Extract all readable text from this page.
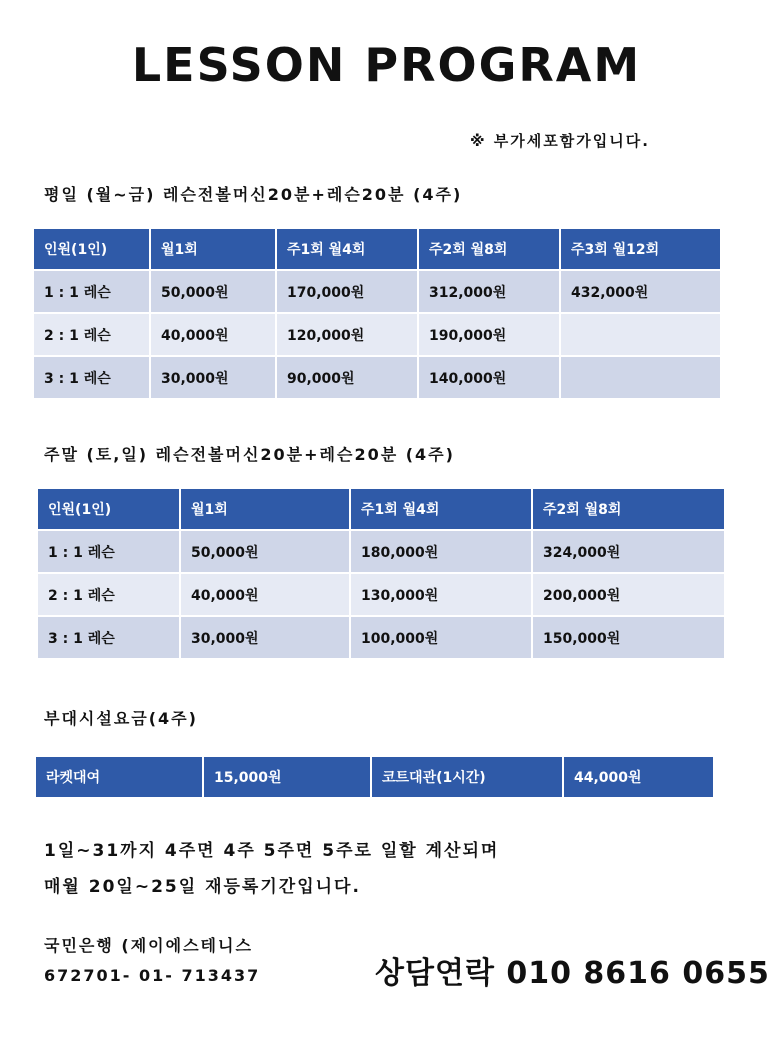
LESSON PROGRAM
※ 부가세포함가입니다.
평일 (월~금) 레슨전볼머신20분+레슨20분 (4주)
인원(1인)	월1회	주1회 월4회	주2회 월8회	주3회 월12회
1 : 1 레슨	50,000원	170,000원	312,000원	432,000원
2 : 1 레슨	40,000원	120,000원	190,000원	
3 : 1 레슨	30,000원	90,000원	140,000원	
주말 (토,일) 레슨전볼머신20분+레슨20분 (4주)
인원(1인)	월1회	주1회 월4회	주2회 월8회
1 : 1 레슨	50,000원	180,000원	324,000원
2 : 1 레슨	40,000원	130,000원	200,000원
3 : 1 레슨	30,000원	100,000원	150,000원
부대시설요금(4주)
라켓대여	15,000원	코트대관(1시간)	44,000원
1일~31까지 4주면 4주 5주면 5주로 일할 계산되며
매월 20일~25일 재등록기간입니다.
국민은행 (제이에스테니스
672701- 01- 713437	상담연락 010 8616 0655
